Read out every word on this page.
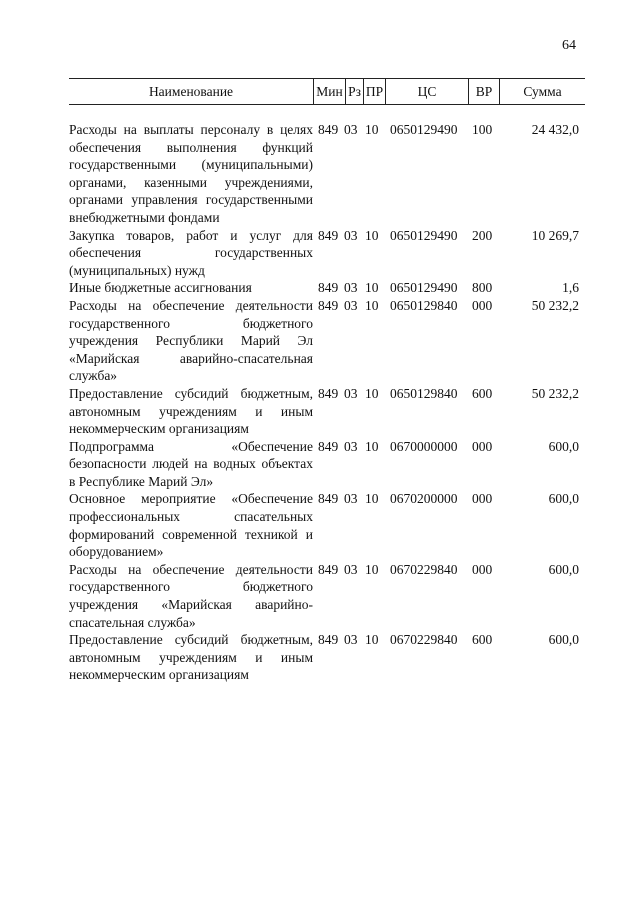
64
Наименование	Мин Рз ПР	ЦС	ВР	Сумма
Расходы на выплаты персоналу в целях обеспечения выполнения функций государственными (муниципальными) органами, казенными учреждениями, органами управления государственными внебюджетными фондами
849 03 10 0650129490 100	24 432,0
Закупка товаров, работ и услуг для обеспечения государственных (муниципальных) нужд
849 03 10 0650129490 200	10 269,7
Иные бюджетные ассигнования	849 03 10 0650129490 800	1,6
Расходы на обеспечение деятельности государственного бюджетного учреждения Республики Марий Эл «Марийская аварийно-спасательная служба»
849 03 10 0650129840 000	50 232,2
Предоставление субсидий бюджетным, автономным учреждениям и иным некоммерческим организациям
849 03 10 0650129840 600	50 232,2
Подпрограмма «Обеспечение безопасности людей на водных объектах в Республике Марий Эл»
849 03 10 0670000000 000	600,0
Основное мероприятие «Обеспечение профессиональных спасательных формирований современной техникой и оборудованием»
849 03 10 0670200000 000	600,0
Расходы на обеспечение деятельности государственного бюджетного учреждения «Марийская аварийно-спасательная служба»
849 03 10 0670229840 000	600,0
Предоставление субсидий бюджетным, автономным учреждениям и иным некоммерческим организациям
849 03 10 0670229840 600	600,0
